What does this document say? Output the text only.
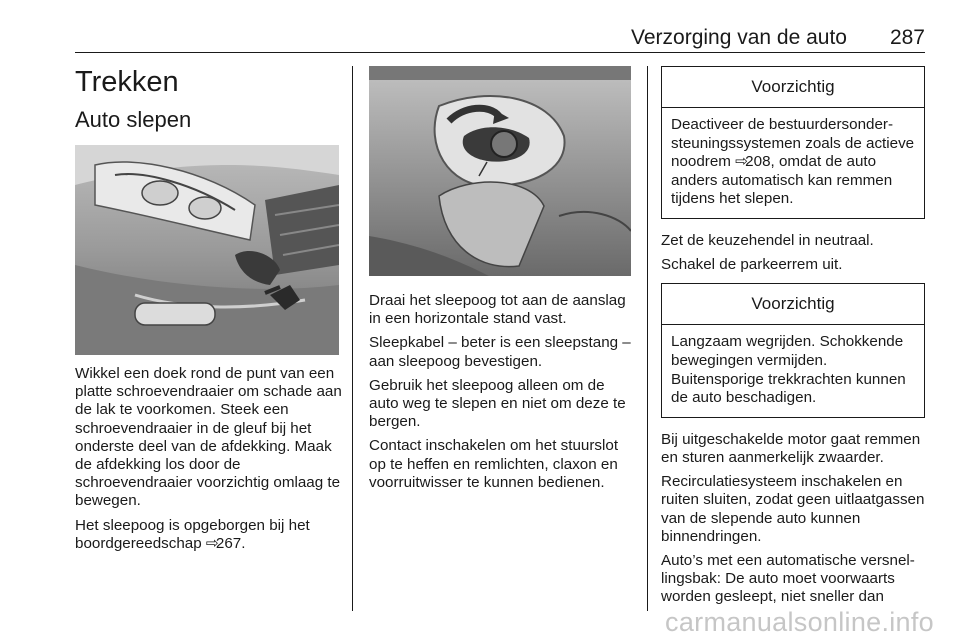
Verzorging van de auto 287
Trekken
Auto slepen

Wikkel een doek rond de punt van een platte schroevendraaier om schade aan de lak te voorkomen. Steek een schroevendraaier in de gleuf bij het onderste deel van de afdekking. Maak de afdekking los door de schroevendraaier voorzichtig omlaag te bewegen.

Het sleepoog is opgeborgen bij het boordgereedschap ⇨267.

Draai het sleepoog tot aan de aanslag in een horizontale stand vast.

Sleepkabel – beter is een sleepstang – aan sleepoog bevestigen.

Gebruik het sleepoog alleen om de auto weg te slepen en niet om deze te bergen.

Contact inschakelen om het stuurslot op te heffen en remlichten, claxon en voorruitwisser te kunnen bedienen.

Voorzichtig

Deactiveer de bestuurdersondersteuningssystemen zoals de actieve noodrem ⇨208, omdat de auto anders automatisch kan remmen tijdens het slepen.

Zet de keuzehendel in neutraal.

Schakel de parkeerrem uit.

Voorzichtig

Langzaam wegrijden. Schokkende bewegingen vermijden. Buitensporige trekkrachten kunnen de auto beschadigen.

Bij uitgeschakelde motor gaat remmen en sturen aanmerkelijk zwaarder.

Recirculatiesysteem inschakelen en ruiten sluiten, zodat geen uitlaatgassen van de slepende auto kunnen binnendringen.

Auto’s met een automatische versnellingsbak: De auto moet voorwaarts worden gesleept, niet sneller dan

carmanualsonline.info
